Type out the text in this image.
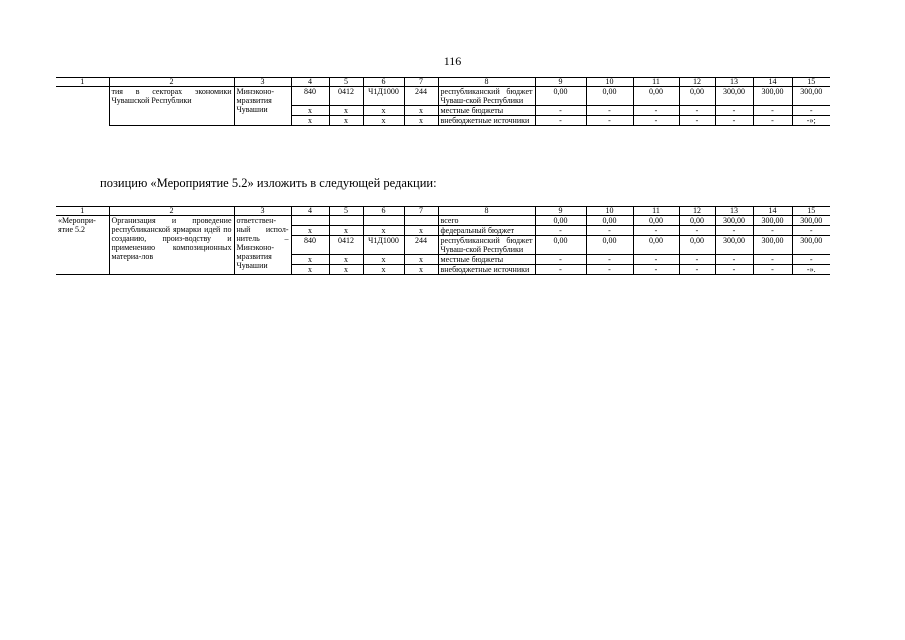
116
1	2	3	4	5	6	7	8	9	10	11	12	13	14	15
	тия в секторах экономики Чувашской Республики	Минэконо-мразвития Чувашии	840	0412	Ч1Д1000	244	республиканский бюджет Чуваш-ской Республики	0,00	0,00	0,00	0,00	300,00	300,00	300,00
			x	x	x	x	местные бюджеты	-	-	-	-	-	-	-
			x	x	x	x	внебюджетные источники	-	-	-	-	-	-	-»;
позицию «Мероприятие 5.2» изложить в следующей редакции:
1	2	3	4	5	6	7	8	9	10	11	12	13	14	15
«Меропри-ятие 5.2	Организация и проведение республиканской ярмарки идей по созданию, произ-водству и применению композиционных материа-лов	ответствен-ный испол-нитель – Минэконо-мразвития Чувашии					всего	0,00	0,00	0,00	0,00	300,00	300,00	300,00
			x	x	x	x	федеральный бюджет	-	-	-	-	-	-	-
			840	0412	Ч1Д1000	244	республиканский бюджет Чуваш-ской Республики	0,00	0,00	0,00	0,00	300,00	300,00	300,00
			x	x	x	x	местные бюджеты	-	-	-	-	-	-	-
			x	x	x	x	внебюджетные источники	-	-	-	-	-	-	-».
